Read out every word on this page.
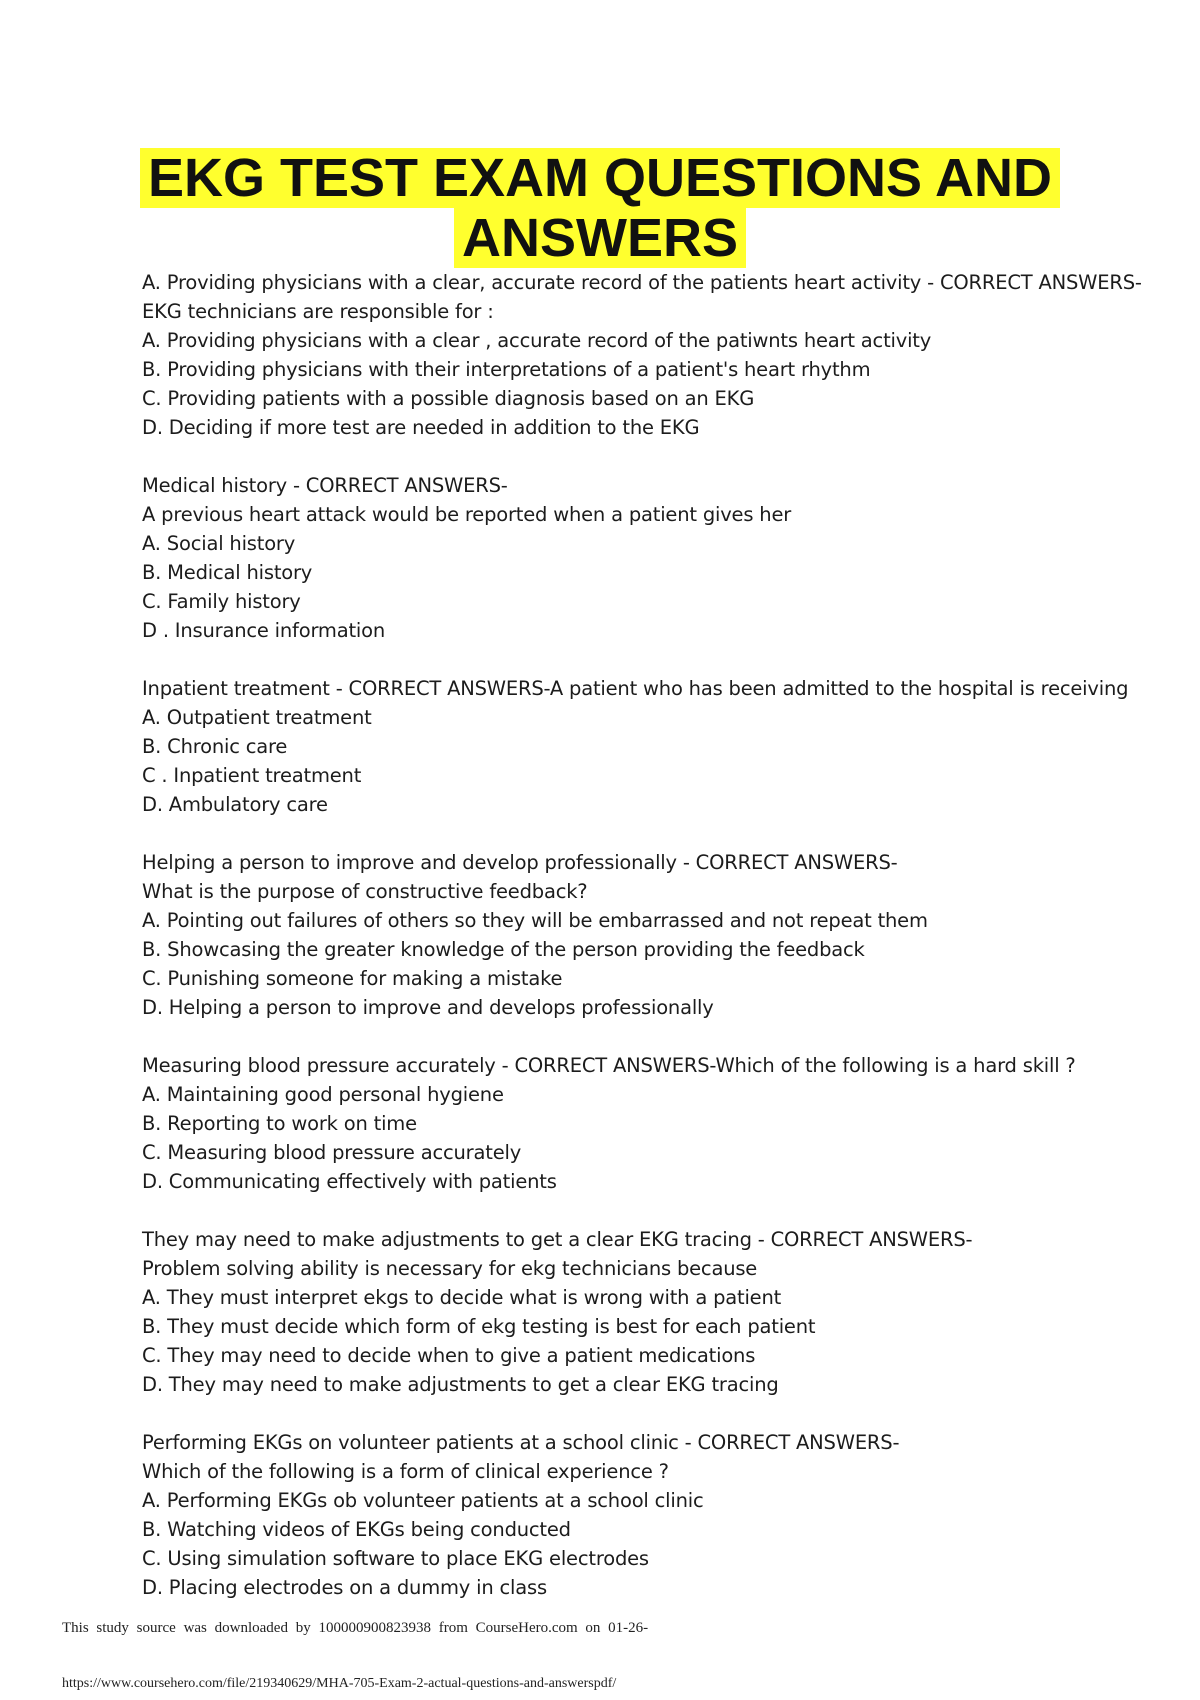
EKG TEST EXAM QUESTIONS AND
ANSWERS
A. Providing physicians with a clear, accurate record of the patients heart activity - CORRECT ANSWERS-
EKG technicians are responsible for :
A. Providing physicians with a clear , accurate record of the patiwnts heart activity
B. Providing physicians with their interpretations of a patient's heart rhythm
C. Providing patients with a possible diagnosis based on an EKG
D. Deciding if more test are needed in addition to the EKG
Medical history - CORRECT ANSWERS-
A previous heart attack would be reported when a patient gives her
A. Social history
B. Medical history
C. Family history
D . Insurance information
Inpatient treatment - CORRECT ANSWERS-A patient who has been admitted to the hospital is receiving
A. Outpatient treatment
B. Chronic care
C . Inpatient treatment
D. Ambulatory care
Helping a person to improve and develop professionally - CORRECT ANSWERS-
What is the purpose of constructive feedback?
A. Pointing out failures of others so they will be embarrassed and not repeat them
B. Showcasing the greater knowledge of the person providing the feedback
C. Punishing someone for making a mistake
D. Helping a person to improve and develops professionally
Measuring blood pressure accurately - CORRECT ANSWERS-Which of the following is a hard skill ?
A. Maintaining good personal hygiene
B. Reporting to work on time
C. Measuring blood pressure accurately
D. Communicating effectively with patients
They may need to make adjustments to get a clear EKG tracing - CORRECT ANSWERS-
Problem solving ability is necessary for ekg technicians because
A. They must interpret ekgs to decide what is wrong with a patient
B. They must decide which form of ekg testing is best for each patient
C. They may need to decide when to give a patient medications
D. They may need to make adjustments to get a clear EKG tracing
Performing EKGs on volunteer patients at a school clinic - CORRECT ANSWERS-
Which of the following is a form of clinical experience ?
A. Performing EKGs ob volunteer patients at a school clinic
B. Watching videos of EKGs being conducted
C. Using simulation software to place EKG electrodes
D. Placing electrodes on a dummy in class
This study source was downloaded by 100000900823938 from CourseHero.com on 01-26-
https://www.coursehero.com/file/219340629/MHA-705-Exam-2-actual-questions-and-answerspdf/
